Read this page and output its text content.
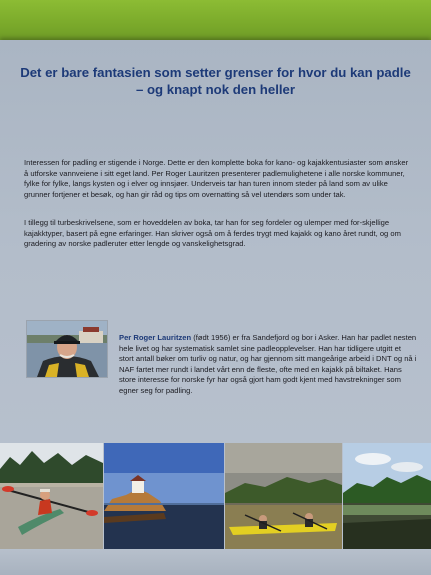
Det er bare fantasien som setter grenser for hvor du kan padle
– og knapt nok den heller

Interessen for padling er stigende i Norge. Dette er den komplette boka for kano- og kajakkentusiaster som ønsker å utforske vannveiene i sitt eget land. Per Roger Lauritzen presenterer padlemulighetene i alle norske kommuner, fylke for fylke, langs kysten og i elver og innsjøer. Underveis tar han turen innom steder på land som av ulike grunner fortjener et besøk, og han gir råd og tips om overnatting så vel utendørs som under tak.

I tillegg til turbeskrivelsene, som er hoveddelen av boka, tar han for seg fordeler og ulemper med for-skjellige kajakktyper, basert på egne erfaringer. Han skriver også om å ferdes trygt med kajakk og kano året rundt, og om gradering av norske padleruter etter lengde og vanskelighetsgrad.

Per Roger Lauritzen (født 1956) er fra Sandefjord og bor i Asker. Han har padlet nesten hele livet og har systematisk samlet sine padleopplevelser. Han har tidligere utgitt et stort antall bøker om turliv og natur, og har gjennom sitt mangeårige arbeid i DNT og nå i NAF fartet mer rundt i landet vårt enn de fleste, ofte med en kajakk på biltaket. Hans store interesse for norske fyr har også gjort ham godt kjent med havstrekninger som egner seg for padling.
